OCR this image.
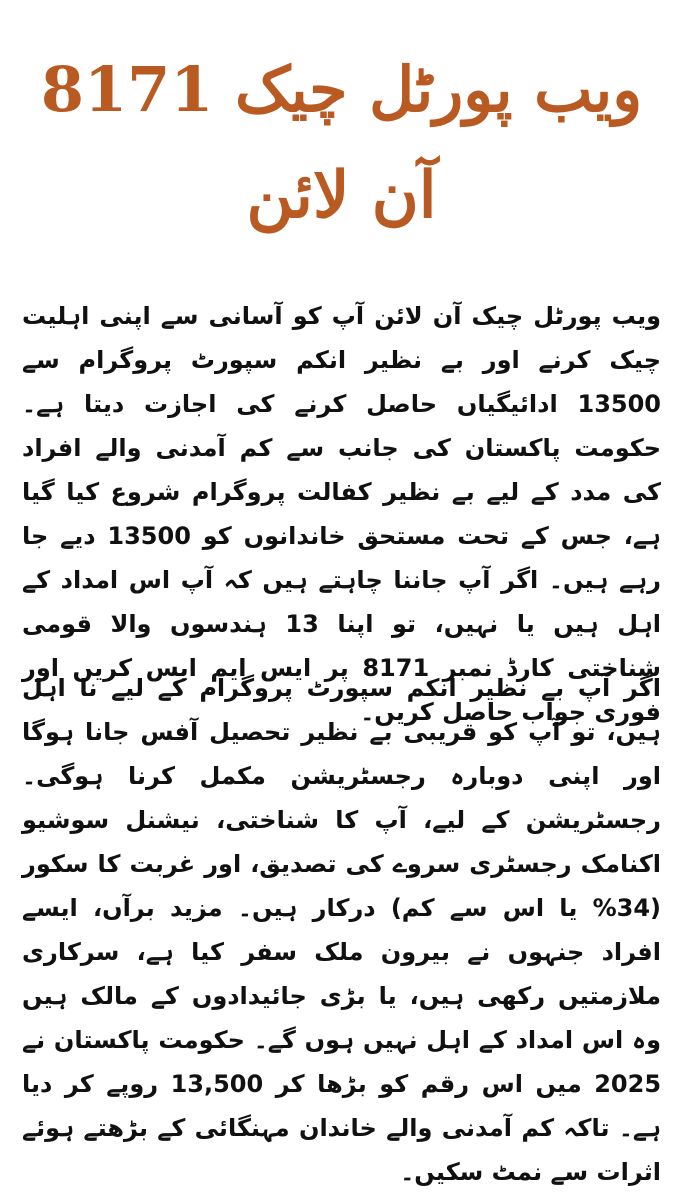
ویب پورٹل چیک 8171
آن لائن

ویب پورٹل چیک آن لائن آپ کو آسانی سے اپنی اہلیت چیک کرنے اور بے نظیر انکم سپورٹ پروگرام سے 13500 ادائیگیاں حاصل کرنے کی اجازت دیتا ہے۔ حکومت پاکستان کی جانب سے کم آمدنی والے افراد کی مدد کے لیے بے نظیر کفالت پروگرام شروع کیا گیا ہے، جس کے تحت مستحق خاندانوں کو 13500 دیے جا رہے ہیں۔ اگر آپ جاننا چاہتے ہیں کہ آپ اس امداد کے اہل ہیں یا نہیں، تو اپنا 13 ہندسوں والا قومی شناختی کارڈ نمبر 8171 پر ایس ایم ایس کریں اور فوری جواب حاصل کریں۔

اگر آپ بے نظیر انکم سپورٹ پروگرام کے لیے نا اہل ہیں، تو آپ کو قریبی بے نظیر تحصیل آفس جانا ہوگا اور اپنی دوبارہ رجسٹریشن مکمل کرنا ہوگی۔ رجسٹریشن کے لیے، آپ کا شناختی، نیشنل سوشیو اکنامک رجسٹری سروے کی تصدیق، اور غربت کا سکور (34% یا اس سے کم) درکار ہیں۔ مزید برآں، ایسے افراد جنہوں نے بیرون ملک سفر کیا ہے، سرکاری ملازمتیں رکھی ہیں، یا بڑی جائیدادوں کے مالک ہیں وہ اس امداد کے اہل نہیں ہوں گے۔ حکومت پاکستان نے 2025 میں اس رقم کو بڑھا کر 13,500 روپے کر دیا ہے۔ تاکہ کم آمدنی والے خاندان مہنگائی کے بڑھتے ہوئے اثرات سے نمٹ سکیں۔
